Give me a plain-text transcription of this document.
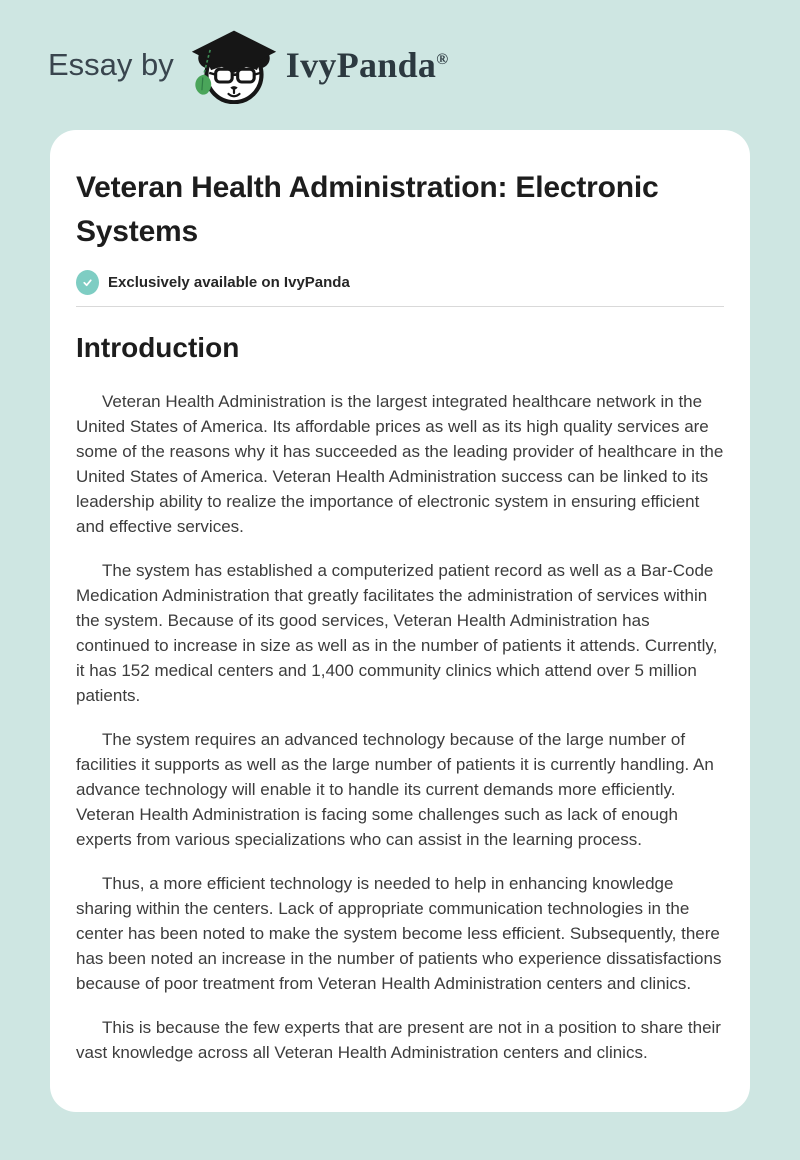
Essay by	IvyPanda®
Veteran Health Administration: Electronic Systems
Exclusively available on IvyPanda
Introduction

Veteran Health Administration is the largest integrated healthcare network in the United States of America. Its affordable prices as well as its high quality services are some of the reasons why it has succeeded as the leading provider of healthcare in the United States of America. Veteran Health Administration success can be linked to its leadership ability to realize the importance of electronic system in ensuring efficient and effective services.

The system has established a computerized patient record as well as a Bar-Code Medication Administration that greatly facilitates the administration of services within the system. Because of its good services, Veteran Health Administration has continued to increase in size as well as in the number of patients it attends. Currently, it has 152 medical centers and 1,400 community clinics which attend over 5 million patients.

The system requires an advanced technology because of the large number of facilities it supports as well as the large number of patients it is currently handling. An advance technology will enable it to handle its current demands more efficiently. Veteran Health Administration is facing some challenges such as lack of enough experts from various specializations who can assist in the learning process.

Thus, a more efficient technology is needed to help in enhancing knowledge sharing within the centers. Lack of appropriate communication technologies in the center has been noted to make the system become less efficient. Subsequently, there has been noted an increase in the number of patients who experience dissatisfactions because of poor treatment from Veteran Health Administration centers and clinics.

This is because the few experts that are present are not in a position to share their vast knowledge across all Veteran Health Administration centers and clinics.
